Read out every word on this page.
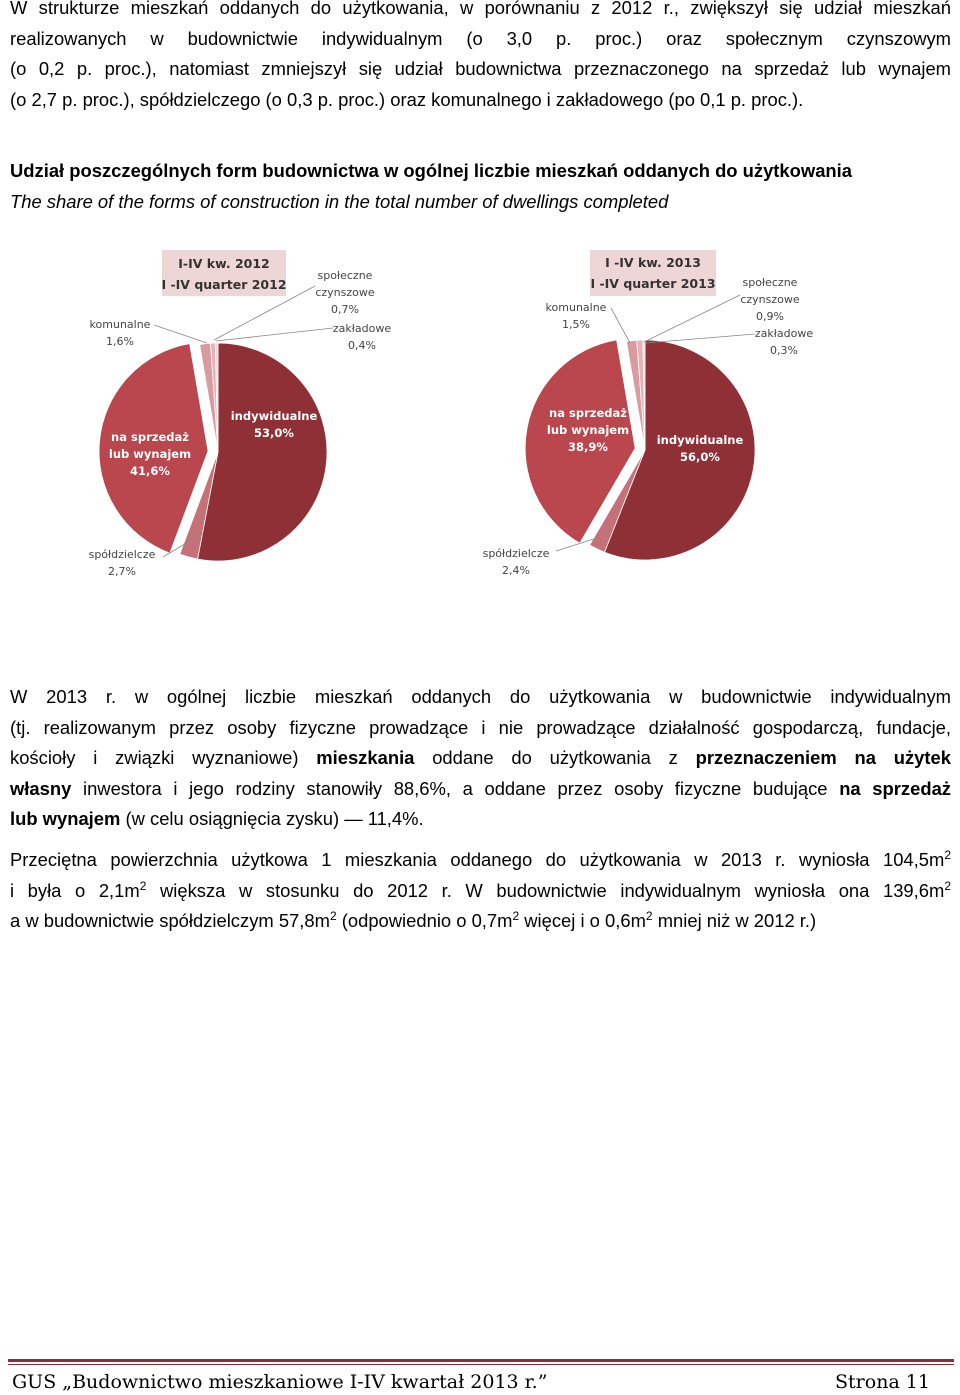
W strukturze mieszkań oddanych do użytkowania, w porównaniu z 2012 r., zwiększył się udział mieszkań
realizowanych w budownictwie indywidualnym (o 3,0 p. proc.) oraz społecznym czynszowym
(o 0,2 p. proc.), natomiast zmniejszył się udział budownictwa przeznaczonego na sprzedaż lub wynajem
(o 2,7 p. proc.), spółdzielczego (o 0,3 p. proc.) oraz komunalnego i zakładowego (po 0,1 p. proc.).

Udział poszczególnych form budownictwa w ogólnej liczbie mieszkań oddanych do użytkowania

The share of the forms of construction in the total number of dwellings completed

I-IV kw. 2012
I -IV quarter 2012
komunalne
1,6%
społeczne
czynszowe
0,7%
zakładowe
0,4%
indywidualne
53,0%
na sprzedaż
lub wynajem
41,6%
spółdzielcze
2,7%
I -IV kw. 2013
I -IV quarter 2013
komunalne
1,5%
społeczne
czynszowe
0,9%
zakładowe
0,3%
indywidualne
56,0%
na sprzedaż
lub wynajem
38,9%
spółdzielcze
2,4%
W 2013 r. w ogólnej liczbie mieszkań oddanych do użytkowania w budownictwie indywidualnym
(tj. realizowanym przez osoby fizyczne prowadzące i nie prowadzące działalność gospodarczą, fundacje,
kościoły i związki wyznaniowe) mieszkania oddane do użytkowania z przeznaczeniem na użytek
własny inwestora i jego rodziny stanowiły 88,6%, a oddane przez osoby fizyczne budujące na sprzedaż
lub wynajem (w celu osiągnięcia zysku) — 11,4%.
Przeciętna powierzchnia użytkowa 1 mieszkania oddanego do użytkowania w 2013 r. wyniosła $104,5m^2$
i była o $2,1m^2$ większa w stosunku do 2012 r. W budownictwie indywidualnym wyniosła ona $139,6m^2$
a w budownictwie spółdzielczym $57,8m^2$ (odpowiednio o $0,7m^2$ więcej i o $0,6m^2$ mniej niż w 2012 r.)
GUS „Budownictwo mieszkaniowe I-IV kwartał 2013 r.”	Strona 11
